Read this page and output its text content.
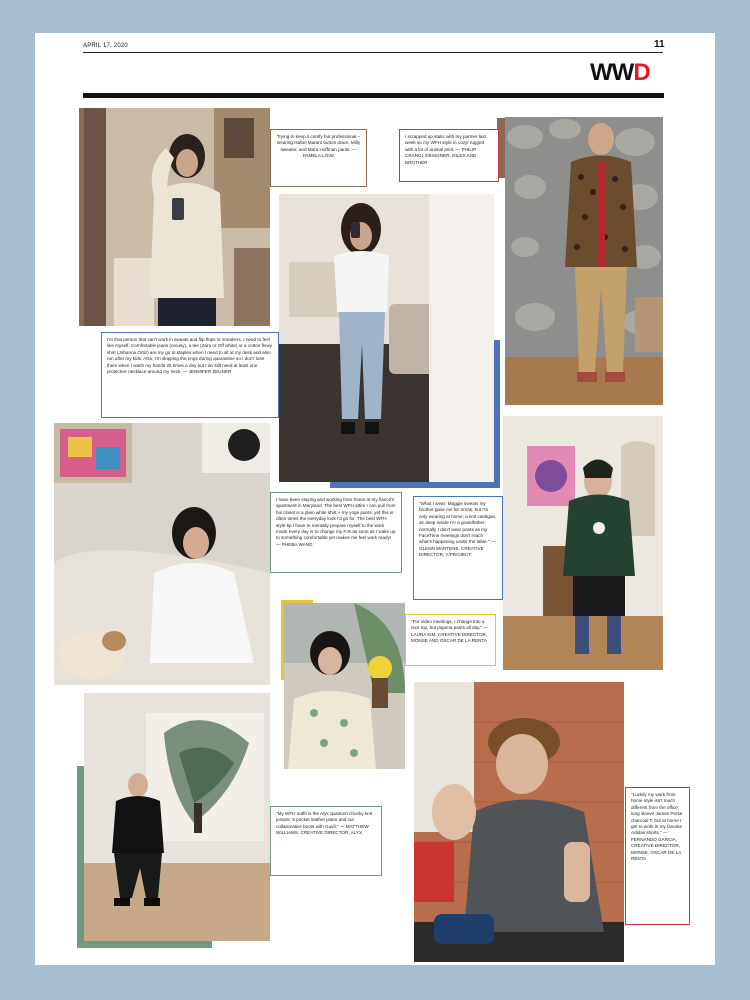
APRIL 17, 2020	11
WWD
Trying to keep it comfy but professional – wearing Isabel Marant button down, Milly sweater, and Mara Hoffman pants. — PAMELA LOVE
I scrapped up static with my partner last week so my WFH style in cozy/ rugged with a lot of animal print. — PHILIP CRANGI, DESIGNER, GILES AND BROTHER
I'm that person that can't work in sweats and flip flops or sneakers. I need to feel like myself. Comfortable jeans (mousy), a tee (Zara or Off white) or a cotton flowy shirt (Johanna Ortiz) are my go to staples when I need to sit at my desk and also run after my kids. Also, I'm skipping the rings during quarantine so I don't lose them when I wash my hands 25 times a day but I do still need at least one protective necklace around my neck. — JENNIFER ZEUNER
I have been staying and working from home at my fiancé's apartment in Maryland. The best WFH attire I can pull from his closet is a plain white shirt + my yoga pants, yet this is often times the everyday look I'd go for. The best WFH style tip I have to mentally prepare myself to the work mode every day is to change my PJs as soon as I wake up to something comfortable yet makes me feel work ready! — PHEBA WANG
"What I wear: Maggie sweats my brother gave me for Xmas, but I'm only wearing at home; a knit cardigan, as deep inside I'm a grandfather; normally I don't wear pants as my FaceTime meetings don't reach what's happening under the table." — GLENN MARTENS, CREATIVE DIRECTOR, Y/PROJECT
"For video meetings, I change into a nice top, but pajama pants all day." — LAURA KIM, CREATIVE DIRECTOR, MONSE AND OSCAR DE LA RENTA
"My WFH outfit is the Alyx quantum chunky knit jumper, 5 pocket leather jeans and our collaborative boots with Guidi." — MATTHEW WILLIAMS, CREATIVE DIRECTOR, ALYX
"Luckily my work from home style isn't much different from the office; long sleeve James Perse charcoal T, but at home I get to work in my favorite Adidas shorts." — FERNANDO GARCIA, CREATIVE DIRECTOR, MONSE, OSCAR DE LA RENTA
